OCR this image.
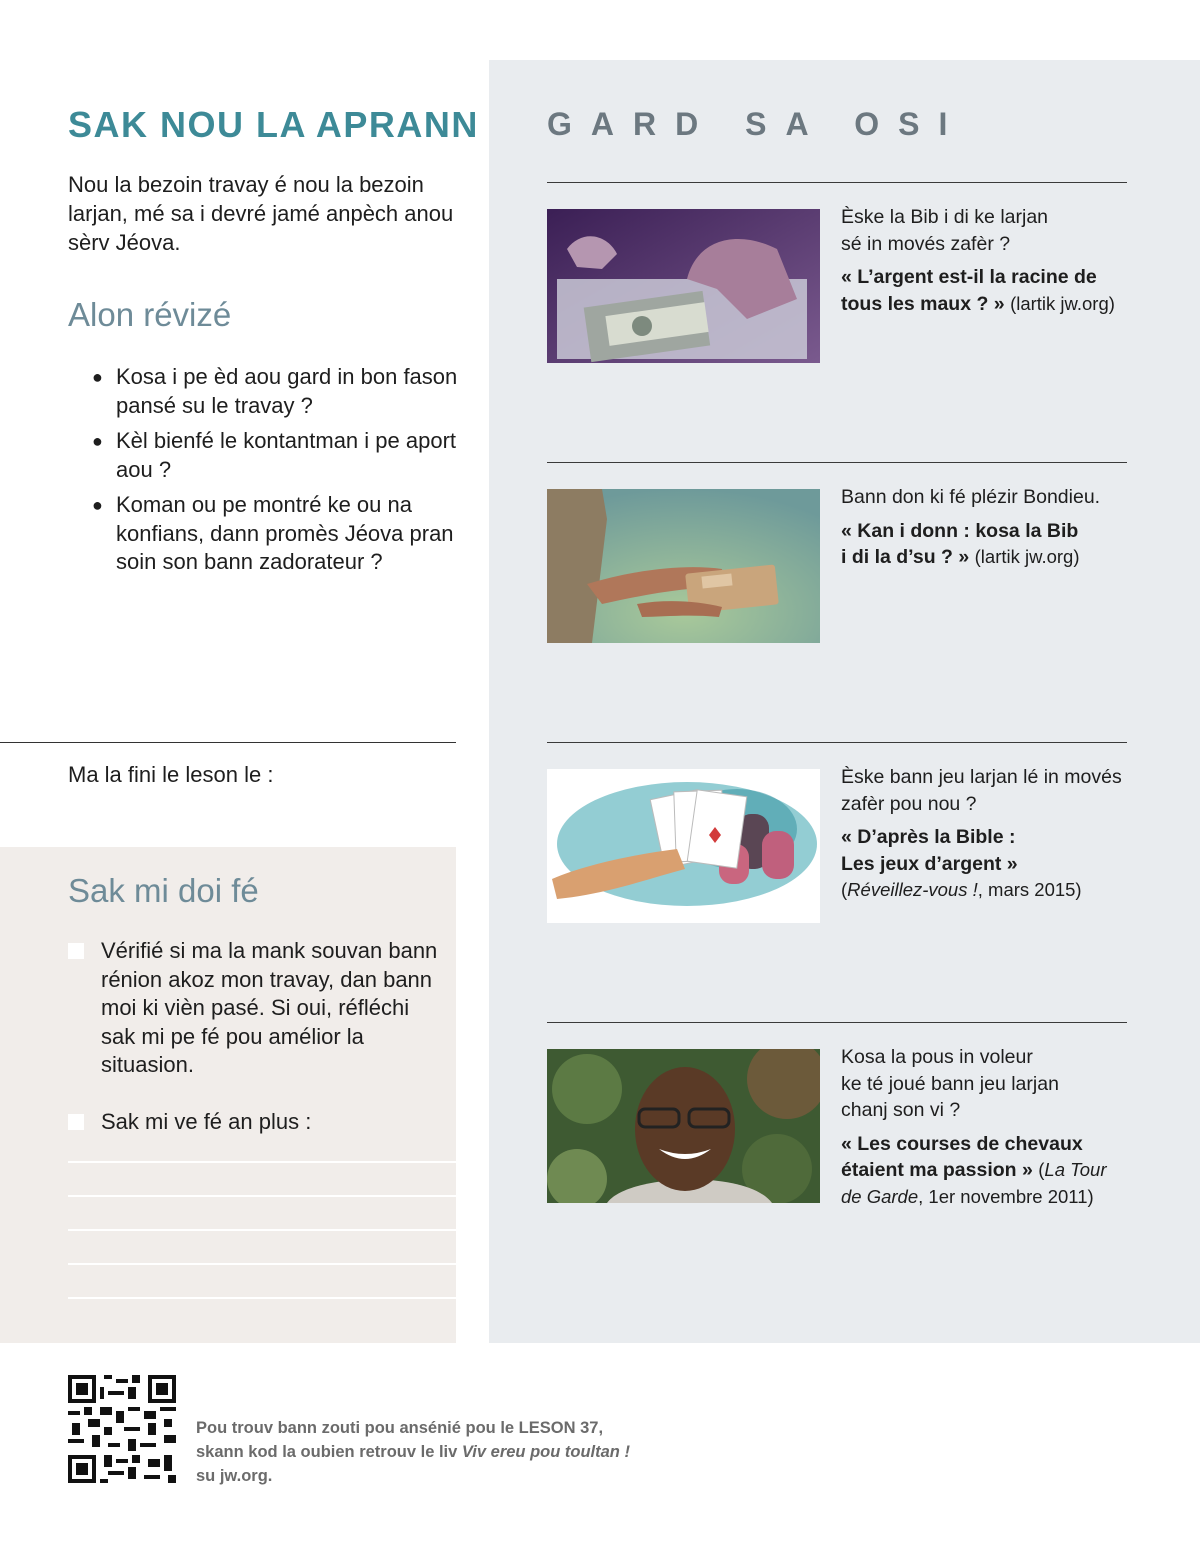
SAK NOU LA APRANN

Nou la bezoin travay é nou la bezoin larjan, mé sa i devré jamé anpèch anou sèrv Jéova.

Alon révizé
● Kosa i pe èd aou gard in bon fason pansé su le travay ?
● Kèl bienfé le kontantman i pe aport aou ?
● Koman ou pe montré ke ou na konfians, dann promès Jéova pran soin son bann zadorateur ?

Ma la fini le leson le :

Sak mi doi fé
Vérifié si ma la mank souvan bann rénion akoz mon travay, dan bann moi ki vièn pasé. Si oui, réfléchi sak mi pe fé pou amélior la situasion.
Sak mi ve fé an plus :
GARD SA OSI

Èske la Bib i di ke larjan
sé in movés zafèr ?

« L’argent est-il la racine de tous les maux ? » (lartik jw.org)

Bann don ki fé plézir Bondieu.

« Kan i donn : kosa la Bib
i di la d’su ? » (lartik jw.org)

Èske bann jeu larjan lé in movés
zafèr pou nou ?

« D’après la Bible :
Les jeux d’argent »
(Réveillez-vous !, mars 2015)

Kosa la pous in voleur
ke té joué bann jeu larjan
chanj son vi ?

« Les courses de chevaux
étaient ma passion » (La Tour de Garde, 1er novembre 2011)

Pou trouv bann zouti pou ansénié pou le LESON 37,

skann kod la oubien retrouv le liv Viv ereu pou toultan !

su jw.org.
